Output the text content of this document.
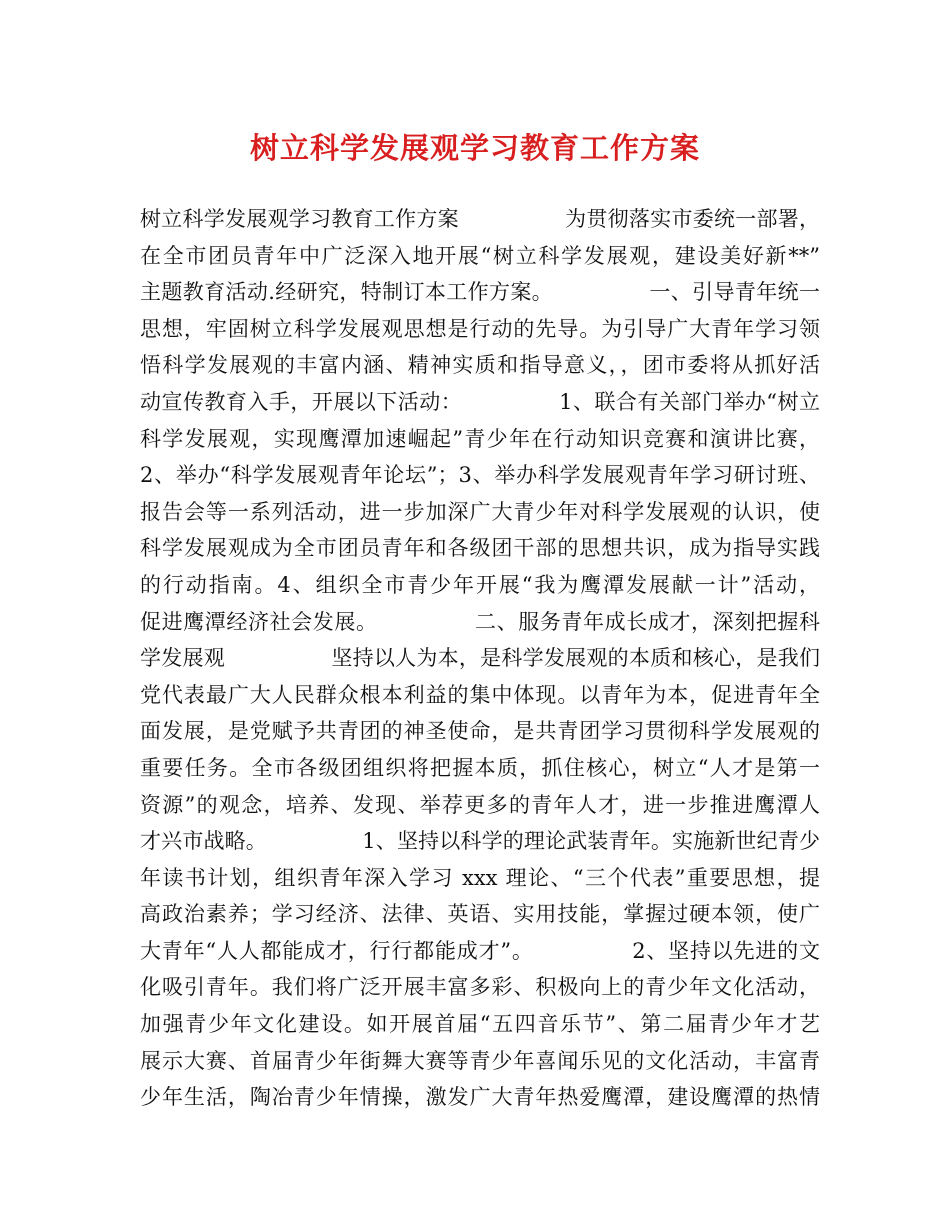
树立科学发展观学习教育工作方案
树立科学发展观学习教育工作方案　　　　　为贯彻落实市委统一部署，
在全市团员青年中广泛深入地开展“树立科学发展观，建设美好新**”
主题教育活动.经研究，特制订本工作方案。　　　　　一、引导青年统一
思想，牢固树立科学发展观思想是行动的先导。为引导广大青年学习领
悟科学发展观的丰富内涵、精神实质和指导意义，，团市委将从抓好活
动宣传教育入手，开展以下活动：　　　　　1、联合有关部门举办“树立
科学发展观，实现鹰潭加速崛起”青少年在行动知识竞赛和演讲比赛，
2、举办“科学发展观青年论坛”；3、举办科学发展观青年学习研讨班、
报告会等一系列活动，进一步加深广大青少年对科学发展观的认识，使
科学发展观成为全市团员青年和各级团干部的思想共识，成为指导实践
的行动指南。4、组织全市青少年开展“我为鹰潭发展献一计”活动，
促进鹰潭经济社会发展。　　　　　二、服务青年成长成才，深刻把握科
学发展观　　　　　坚持以人为本，是科学发展观的本质和核心，是我们
党代表最广大人民群众根本利益的集中体现。以青年为本，促进青年全
面发展，是党赋予共青团的神圣使命，是共青团学习贯彻科学发展观的
重要任务。全市各级团组织将把握本质，抓住核心，树立“人才是第一
资源”的观念，培养、发现、举荐更多的青年人才，进一步推进鹰潭人
才兴市战略。　　　　　1、坚持以科学的理论武装青年。实施新世纪青少
年读书计划，组织青年深入学习 xxx 理论、“三个代表”重要思想，提
高政治素养；学习经济、法律、英语、实用技能，掌握过硬本领，使广
大青年“人人都能成才，行行都能成才”。　　　　　2、坚持以先进的文
化吸引青年。我们将广泛开展丰富多彩、积极向上的青少年文化活动，
加强青少年文化建设。如开展首届“五四音乐节”、第二届青少年才艺
展示大赛、首届青少年街舞大赛等青少年喜闻乐见的文化活动，丰富青
少年生活，陶冶青少年情操，激发广大青年热爱鹰潭，建设鹰潭的热情
